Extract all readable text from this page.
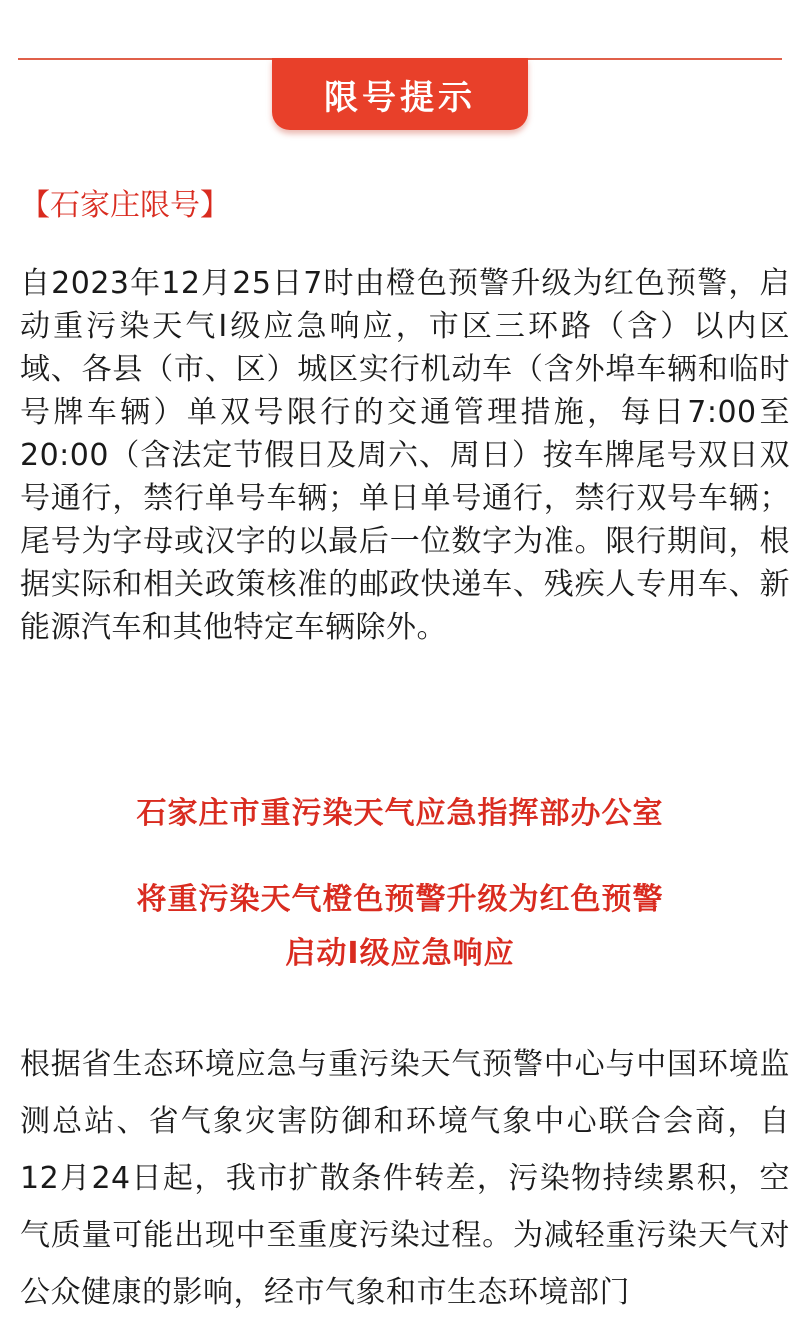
限号提示
【石家庄限号】

自2023年12月25日7时由橙色预警升级为红色预警，启动重污染天气I级应急响应，市区三环路（含）以内区域、各县（市、区）城区实行机动车（含外埠车辆和临时号牌车辆）单双号限行的交通管理措施，每日7:00至20:00（含法定节假日及周六、周日）按车牌尾号双日双号通行，禁行单号车辆；单日单号通行，禁行双号车辆；尾号为字母或汉字的以最后一位数字为准。限行期间，根据实际和相关政策核准的邮政快递车、残疾人专用车、新能源汽车和其他特定车辆除外。

石家庄市重污染天气应急指挥部办公室
将重污染天气橙色预警升级为红色预警
启动I级应急响应

根据省生态环境应急与重污染天气预警中心与中国环境监测总站、省气象灾害防御和环境气象中心联合会商，自12月24日起，我市扩散条件转差，污染物持续累积，空气质量可能出现中至重度污染过程。为减轻重污染天气对公众健康的影响，经市气象和市生态环境部门
